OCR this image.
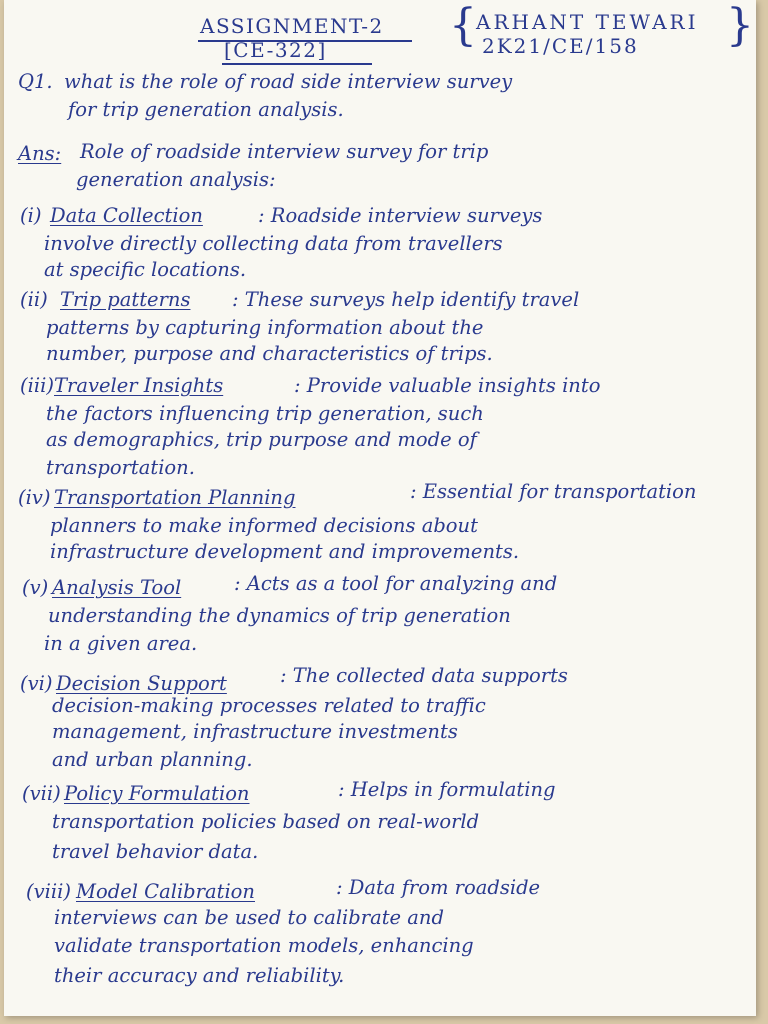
ASSIGNMENT-2
[CE-322]	{ ARHANT TEWARI
2K21/CE/158 }
Q1. what is the role of road side interview survey
for trip generation analysis.
Ans: Role of roadside interview survey for trip
generation analysis:
(i) Data Collection	: Roadside interview surveys
involve directly collecting data from travellers
at specific locations.
(ii) Trip patterns : These surveys help identify travel
patterns by capturing information about the
number, purpose and characteristics of trips.
(iii) Traveler Insights	: Provide valuable insights into
the factors influencing trip generation, such
as demographics, trip purpose and mode of
transportation.
(iv) Transportation Planning	: Essential for transportation
planners to make informed decisions about
infrastructure development and improvements.
(v) Analysis Tool	: Acts as a tool for analyzing and
understanding the dynamics of trip generation
in a given area.
(vi) Decision Support	: The collected data supports
decision-making processes related to traffic
management, infrastructure investments
and urban planning.
(vii) Policy Formulation	: Helps in formulating
transportation policies based on real-world
travel behavior data.
(viii) Model Calibration	: Data from roadside
interviews can be used to calibrate and
validate transportation models, enhancing
their accuracy and reliability.
